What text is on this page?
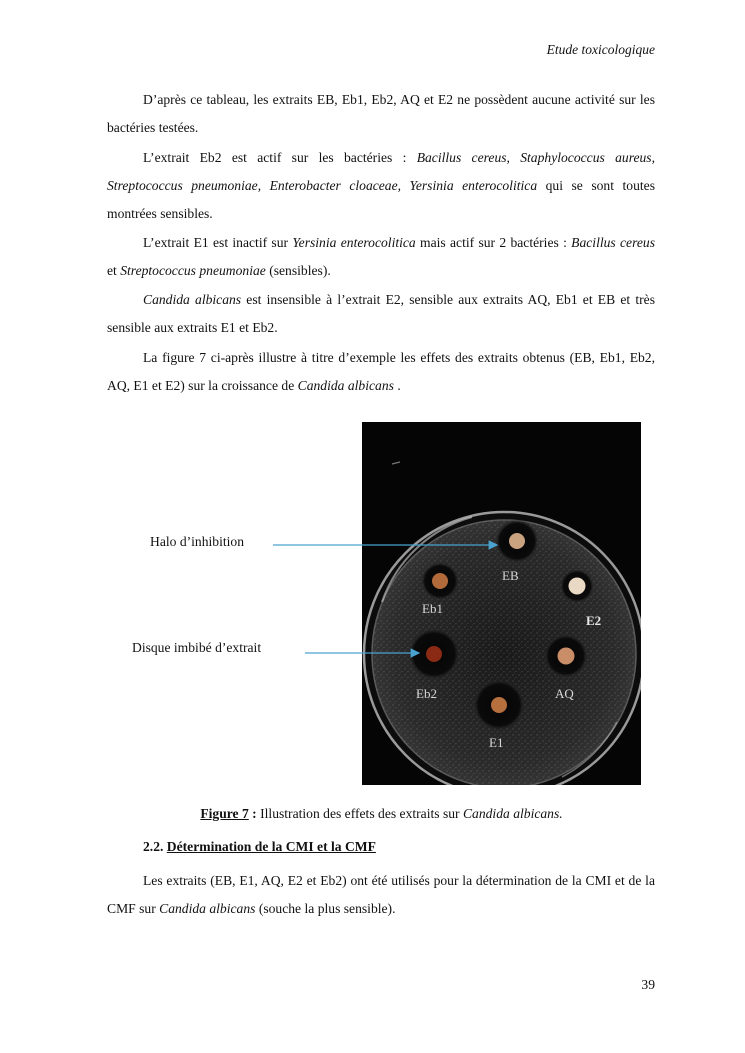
Etude toxicologique

D’après ce tableau, les extraits EB, Eb1, Eb2, AQ et E2 ne possèdent aucune activité sur les bactéries testées.

L’extrait Eb2 est actif sur les bactéries : Bacillus cereus, Staphylococcus aureus, Streptococcus pneumoniae, Enterobacter cloaceae, Yersinia enterocolitica qui se sont toutes montrées sensibles.

L’extrait E1 est inactif sur Yersinia enterocolitica mais actif sur 2 bactéries : Bacillus cereus et Streptococcus pneumoniae (sensibles).

Candida albicans est insensible à l’extrait E2, sensible aux extraits AQ, Eb1 et EB et très sensible aux extraits E1 et Eb2.

La figure 7 ci-après illustre à titre d’exemple les effets des extraits obtenus (EB, Eb1, Eb2, AQ, E1 et E2) sur la croissance de Candida albicans .

EB
Eb1
E2
Eb2	AQ
E1
Halo d’inhibition
Disque imbibé d’extrait
Figure 7 : Illustration des effets des extraits sur Candida albicans.
2.2. Détermination de la CMI et la CMF

Les extraits (EB, E1, AQ, E2 et Eb2) ont été utilisés pour la détermination de la CMI et de la CMF sur Candida albicans (souche la plus sensible).

39
